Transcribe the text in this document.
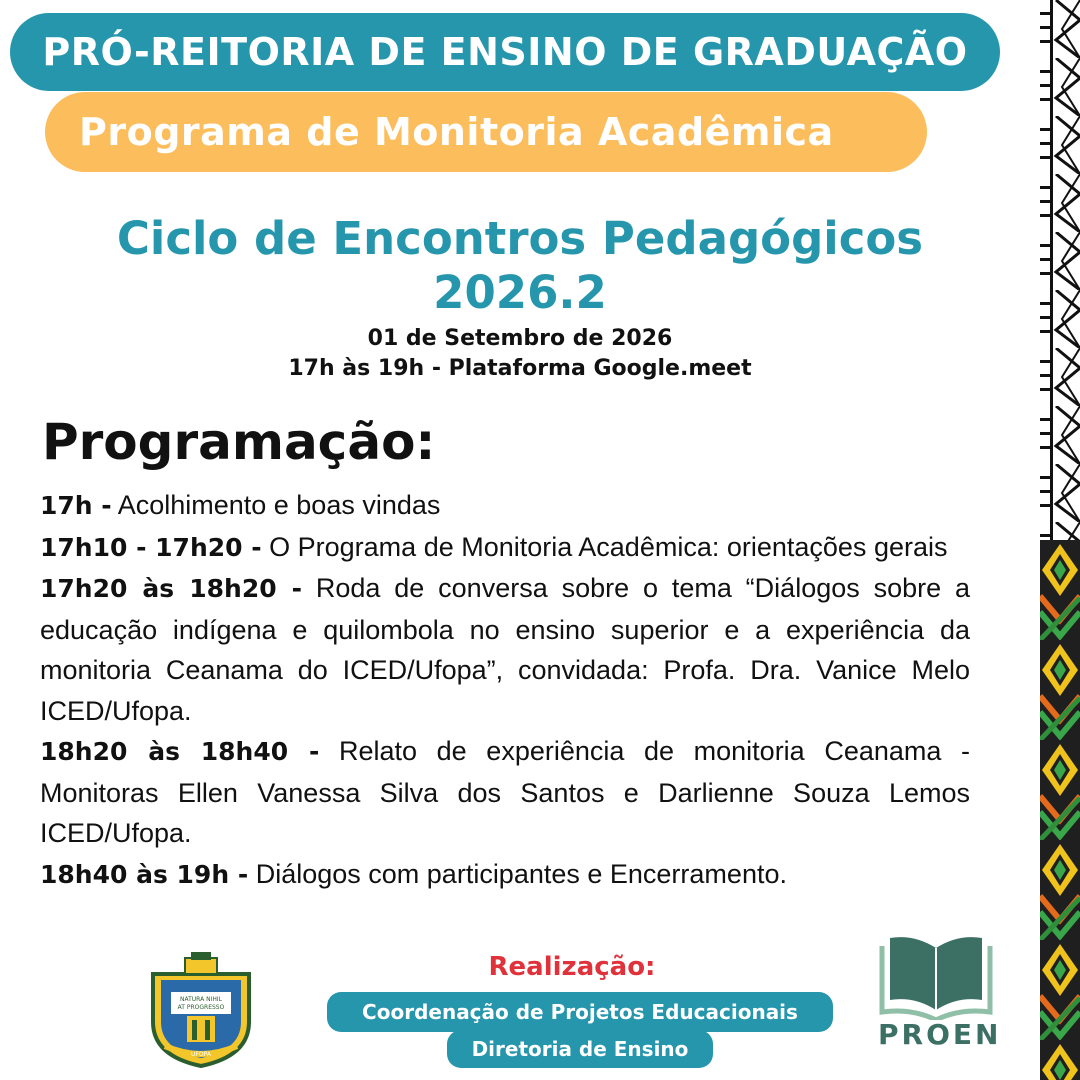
PRÓ-REITORIA DE ENSINO DE GRADUAÇÃO
Programa de Monitoria Acadêmica
Ciclo de Encontros Pedagógicos
2026.2
01 de Setembro de 2026
17h às 19h - Plataforma Google.meet
Programação:

17h - Acolhimento e boas vindas

17h10 - 17h20 - O Programa de Monitoria Acadêmica: orientações gerais

17h20 às 18h20 - Roda de conversa sobre o tema “Diálogos sobre a educação indígena e quilombola no ensino superior e a experiência da monitoria Ceanama do ICED/Ufopa”, convidada: Profa. Dra. Vanice Melo ICED/Ufopa.

18h20 às 18h40 - Relato de experiência de monitoria Ceanama - Monitoras Ellen Vanessa Silva dos Santos e Darlienne Souza Lemos ICED/Ufopa.

18h40 às 19h - Diálogos com participantes e Encerramento.

NATURA NIHIL
AT PROGRESSO
UFOPA
Realização:
Coordenação de Projetos Educacionais
Diretoria de Ensino	PROEN
